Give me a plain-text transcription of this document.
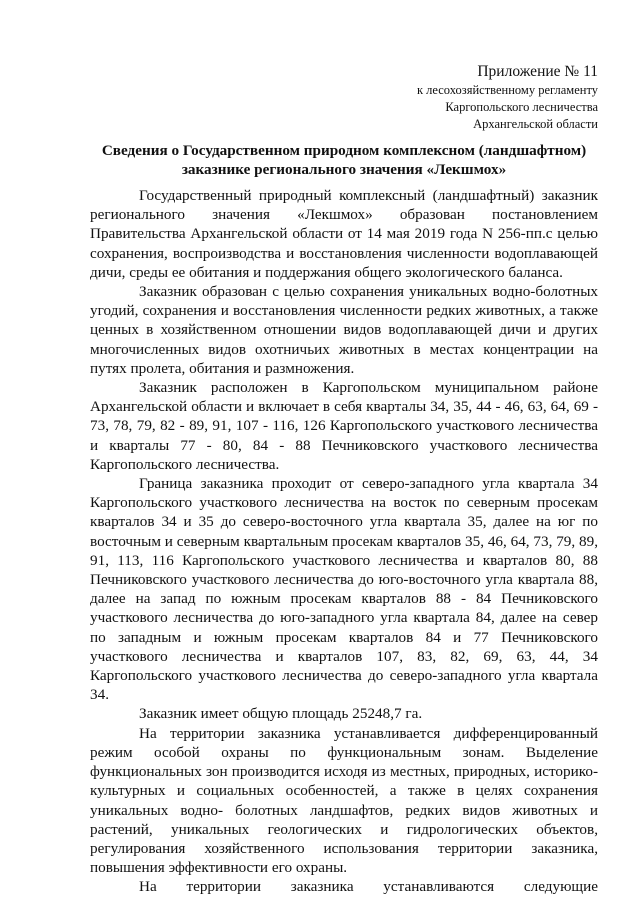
Приложение № 11
к лесохозяйственному регламенту
Каргопольского лесничества
Архангельской области
Сведения о Государственном природном комплексном (ландшафтном) заказнике регионального значения «Лекшмох»

Государственный природный комплексный (ландшафтный) заказник регионального значения «Лекшмох» образован постановлением Правительства Архангельской области от 14 мая 2019 года N 256-пп.с целью сохранения, воспроизводства и восстановления численности водоплавающей дичи, среды ее обитания и поддержания общего экологического баланса.

Заказник образован с целью сохранения уникальных водно-болотных угодий, сохранения и восстановления численности редких животных, а также ценных в хозяйственном отношении видов водоплавающей дичи и других многочисленных видов охотничьих животных в местах концентрации на путях пролета, обитания и размножения.

Заказник расположен в Каргопольском муниципальном районе Архангельской области и включает в себя кварталы 34, 35, 44 - 46, 63, 64, 69 - 73, 78, 79, 82 - 89, 91, 107 - 116, 126 Каргопольского участкового лесничества и кварталы 77 - 80, 84 - 88 Печниковского участкового лесничества Каргопольского лесничества.

Граница заказника проходит от северо-западного угла квартала 34 Каргопольского участкового лесничества на восток по северным просекам кварталов 34 и 35 до северо-восточного угла квартала 35, далее на юг по восточным и северным квартальным просекам кварталов 35, 46, 64, 73, 79, 89, 91, 113, 116 Каргопольского участкового лесничества и кварталов 80, 88 Печниковского участкового лесничества до юго-восточного угла квартала 88, далее на запад по южным просекам кварталов 88 - 84 Печниковского участкового лесничества до юго-западного угла квартала 84, далее на север по западным и южным просекам кварталов 84 и 77 Печниковского участкового лесничества и кварталов 107, 83, 82, 69, 63, 44, 34 Каргопольского участкового лесничества до северо-западного угла квартала 34.

Заказник имеет общую площадь 25248,7 га.

На территории заказника устанавливается дифференцированный режим особой охраны по функциональным зонам. Выделение функциональных зон производится исходя из местных, природных, историко-культурных и социальных особенностей, а также в целях сохранения уникальных водно- болотных ландшафтов, редких видов животных и растений, уникальных геологических и гидрологических объектов, регулирования хозяйственного использования территории заказника, повышения эффективности его охраны.

На территории заказника устанавливаются следующие
